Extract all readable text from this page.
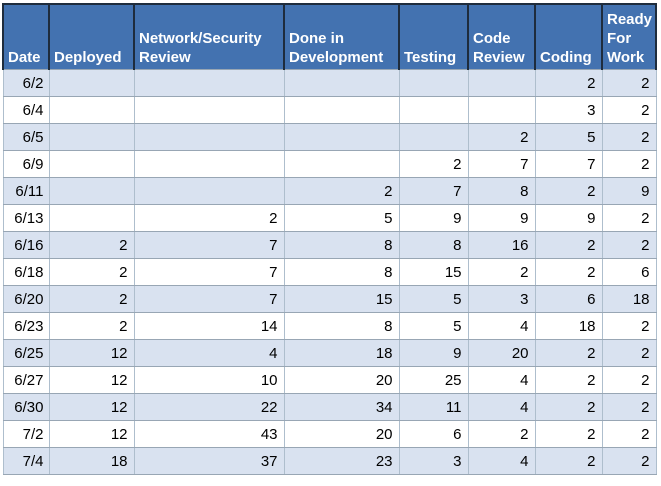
Date	Deployed	Network/Security Review	Done in Development	Testing	Code Review	Coding	Ready For Work
6/2						2	2
6/4						3	2
6/5					2	5	2
6/9				2	7	7	2
6/11			2	7	8	2	9
6/13		2	5	9	9	9	2
6/16	2	7	8	8	16	2	2
6/18	2	7	8	15	2	2	6
6/20	2	7	15	5	3	6	18
6/23	2	14	8	5	4	18	2
6/25	12	4	18	9	20	2	2
6/27	12	10	20	25	4	2	2
6/30	12	22	34	11	4	2	2
7/2	12	43	20	6	2	2	2
7/4	18	37	23	3	4	2	2
